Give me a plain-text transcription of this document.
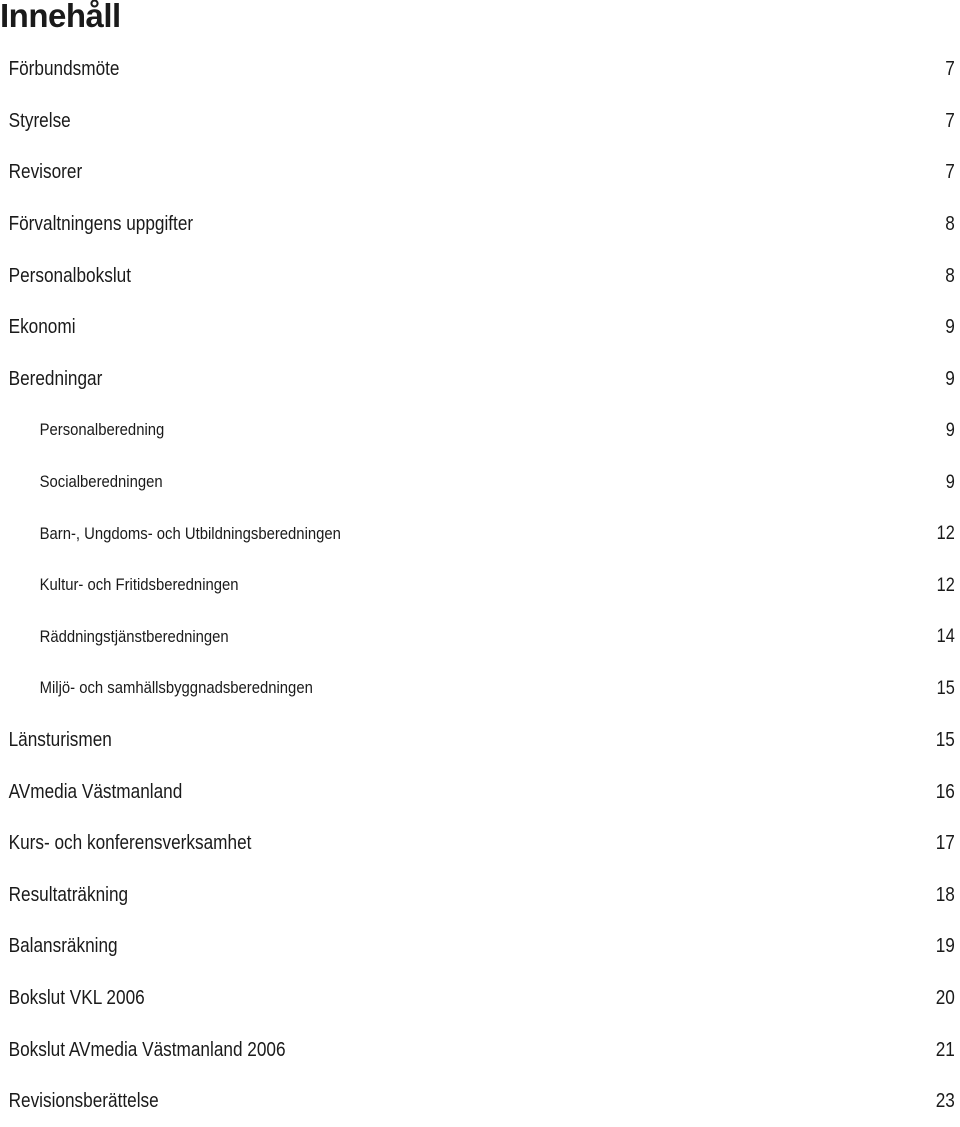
Innehåll
Förbundsmöte	7
Styrelse	7
Revisorer	7
Förvaltningens uppgifter	8
Personalbokslut	8
Ekonomi	9
Beredningar	9
Personalberedning	9
Socialberedningen	9
Barn-, Ungdoms- och Utbildningsberedningen	12
Kultur- och Fritidsberedningen	12
Räddningstjänstberedningen	14
Miljö- och samhällsbyggnadsberedningen	15
Länsturismen	15
AVmedia Västmanland	16
Kurs- och konferensverksamhet	17
Resultaträkning	18
Balansräkning	19
Bokslut VKL 2006	20
Bokslut AVmedia Västmanland 2006	21
Revisionsberättelse	23
